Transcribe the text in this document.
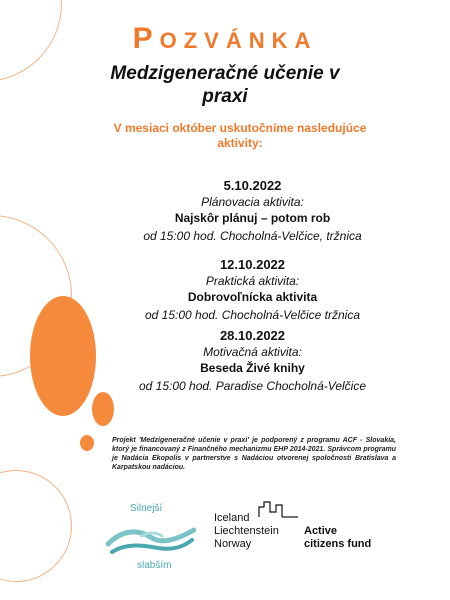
POZVÁNKA
Medzigeneračné učenie v praxi
V mesiaci október uskutočníme nasledujúce aktivity:
5.10.2022
Plánovacia aktivita:
Najskôr plánuj – potom rob
od 15:00 hod. Chocholná-Velčice, tržnica
12.10.2022
Praktická aktivita:
Dobrovoľnícka aktivita
od 15:00 hod. Chocholná-Velčice tržnica
28.10.2022
Motivačná aktivita:
Beseda Živé knihy
od 15:00 hod. Paradise Chocholná-Velčice
Projekt 'Medzigeneračné učenie v praxi' je podporený z programu ACF - Slovakia, ktorý je financovaný z Finančného mechanizmu EHP 2014-2021. Správcom programu je Nadácia Ekopolis v partnerstve s Nadáciou otvorenej spoločnosti Bratislava a Karpatskou nadáciou.
Silnejší
slabším
Iceland
Liechtenstein
Norway
Active
citizens fund
